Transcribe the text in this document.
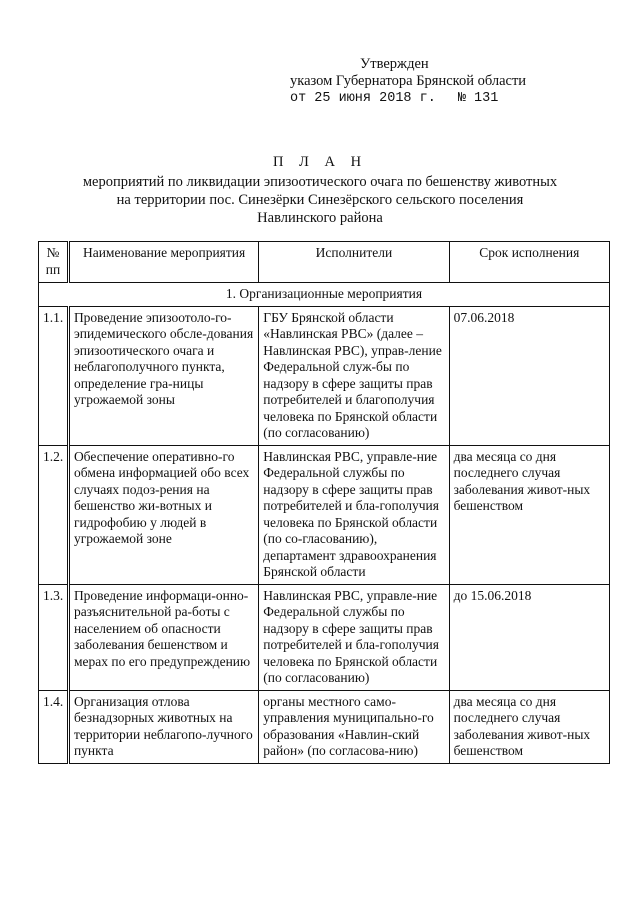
Утвержден
указом Губернатора Брянской области
от 25 июня 2018 г. № 131
П Л А Н
мероприятий по ликвидации эпизоотического очага по бешенству животных
на территории пос. Синезёрки Синезёрского сельского поселения
Навлинского района
№ пп	Наименование мероприятия	Исполнители	Срок исполнения
1. Организационные мероприятия			
1.1.	Проведение эпизоотоло-го-эпидемического обсле-дования эпизоотического очага и неблагополучного пункта, определение гра-ницы угрожаемой зоны	ГБУ Брянской области «Навлинская РВС» (далее – Навлинская РВС), управ-ление Федеральной служ-бы по надзору в сфере защиты прав потребителей и благополучия человека по Брянской области (по согласованию)	07.06.2018
1.2.	Обеспечение оперативно-го обмена информацией обо всех случаях подоз-рения на бешенство жи-вотных и гидрофобию у людей в угрожаемой зоне	Навлинская РВС, управле-ние Федеральной службы по надзору в сфере защиты прав потребителей и бла-гополучия человека по Брянской области (по со-гласованию), департамент здравоохранения Брянской области	два месяца со дня последнего случая заболевания живот-ных бешенством
1.3.	Проведение информаци-онно-разъяснительной ра-боты с населением об опасности заболевания бешенством и мерах по его предупреждению	Навлинская РВС, управле-ние Федеральной службы по надзору в сфере защиты прав потребителей и бла-гополучия человека по Брянской области (по согласованию)	до 15.06.2018
1.4.	Организация отлова безнадзорных животных на территории неблагопо-лучного пункта	органы местного само-управления муниципально-го образования «Навлин-ский район» (по согласова-нию)	два месяца со дня последнего случая заболевания живот-ных бешенством
